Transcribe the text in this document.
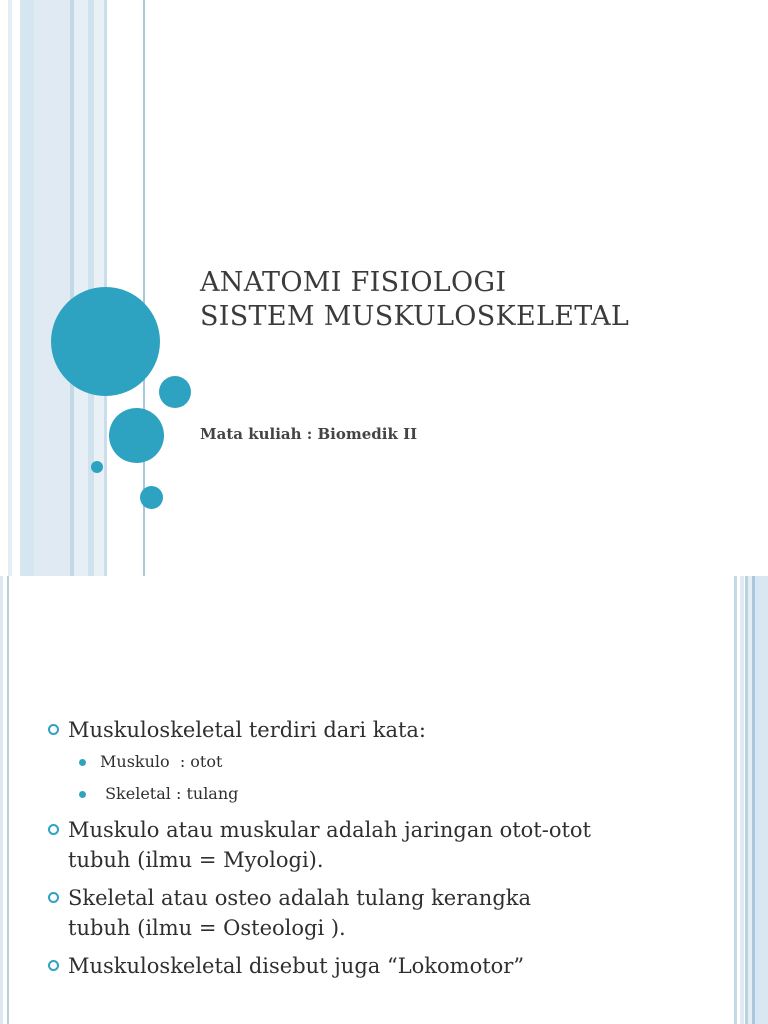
ANATOMI FISIOLOGI
SISTEM MUSKULOSKELETAL
Mata kuliah : Biomedik II
Muskuloskeletal terdiri dari kata:
Muskulo  : otot
Skeletal : tulang
Muskulo atau muskular adalah jaringan otot-otot
tubuh (ilmu = Myologi).
Skeletal atau osteo adalah tulang kerangka
tubuh (ilmu = Osteologi ).
Muskuloskeletal disebut juga “Lokomotor”
